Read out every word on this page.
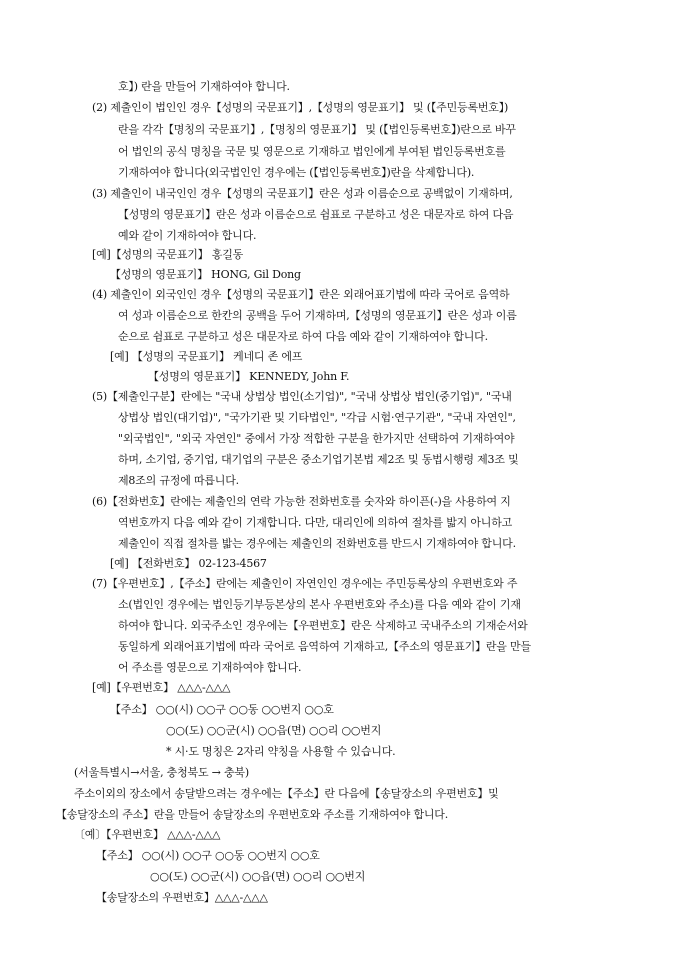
호】) 란을 만들어 기재하여야 합니다.
(2) 제출인이 법인인 경우【성명의 국문표기】,【성명의 영문표기】 및 (【주민등록번호】)
란을 각각【명칭의 국문표기】,【명칭의 영문표기】 및 (【법인등록번호】)란으로 바꾸
어 법인의 공식 명칭을 국문 및 영문으로 기재하고 법인에게 부여된 법인등록번호를
기재하여야 합니다(외국법인인 경우에는 (【법인등록번호】)란을 삭제합니다).
(3) 제출인이 내국인인 경우【성명의 국문표기】란은 성과 이름순으로 공백없이 기재하며,
【성명의 영문표기】란은 성과 이름순으로 쉼표로 구분하고 성은 대문자로 하여 다음
예와 같이 기재하여야 합니다.
[예]【성명의 국문표기】 홍길동
【성명의 영문표기】 HONG, Gil Dong
(4) 제출인이 외국인인 경우【성명의 국문표기】란은 외래어표기법에 따라 국어로 음역하
여 성과 이름순으로 한칸의 공백을 두어 기재하며,【성명의 영문표기】란은 성과 이름
순으로 쉼표로 구분하고 성은 대문자로 하여 다음 예와 같이 기재하여야 합니다.
[예] 【성명의 국문표기】 케네디 존 에프
【성명의 영문표기】 KENNEDY, John F.
(5)【제출인구분】란에는 "국내 상법상 법인(소기업)", "국내 상법상 법인(중기업)", "국내
상법상 법인(대기업)", "국가기관 및 기타법인", "각급 시험·연구기관", "국내 자연인",
"외국법인", "외국 자연인" 중에서 가장 적합한 구분을 한가지만 선택하여 기재하여야
하며, 소기업, 중기업, 대기업의 구분은 중소기업기본법 제2조 및 동법시행령 제3조 및
제8조의 규정에 따릅니다.
(6)【전화번호】란에는 제출인의 연락 가능한 전화번호를 숫자와 하이픈(-)을 사용하여 지
역번호까지 다음 예와 같이 기재합니다. 다만, 대리인에 의하여 절차를 밟지 아니하고
제출인이 직접 절차를 밟는 경우에는 제출인의 전화번호를 반드시 기재하여야 합니다.
[예] 【전화번호】 02-123-4567
(7)【우편번호】,【주소】란에는 제출인이 자연인인 경우에는 주민등록상의 우편번호와 주
소(법인인 경우에는 법인등기부등본상의 본사 우편번호와 주소)를 다음 예와 같이 기재
하여야 합니다. 외국주소인 경우에는【우편번호】란은 삭제하고 국내주소의 기재순서와
동일하게 외래어표기법에 따라 국어로 음역하여 기재하고,【주소의 영문표기】란을 만들
어 주소를 영문으로 기재하여야 합니다.
[예]【우편번호】 △△△-△△△
【주소】 ○○(시) ○○구 ○○동 ○○번지 ○○호
○○(도) ○○군(시) ○○읍(면) ○○리 ○○번지
* 시·도 명칭은 2자리 약칭을 사용할 수 있습니다.
(서울특별시→서울, 충청북도 → 충북)
주소이외의 장소에서 송달받으려는 경우에는【주소】란 다음에【송달장소의 우편번호】및
【송달장소의 주소】란을 만들어 송달장소의 우편번호와 주소를 기재하여야 합니다.
〔예〕【우편번호】 △△△-△△△
【주소】 ○○(시) ○○구 ○○동 ○○번지 ○○호
○○(도) ○○군(시) ○○읍(면) ○○리 ○○번지
【송달장소의 우편번호】△△△-△△△
